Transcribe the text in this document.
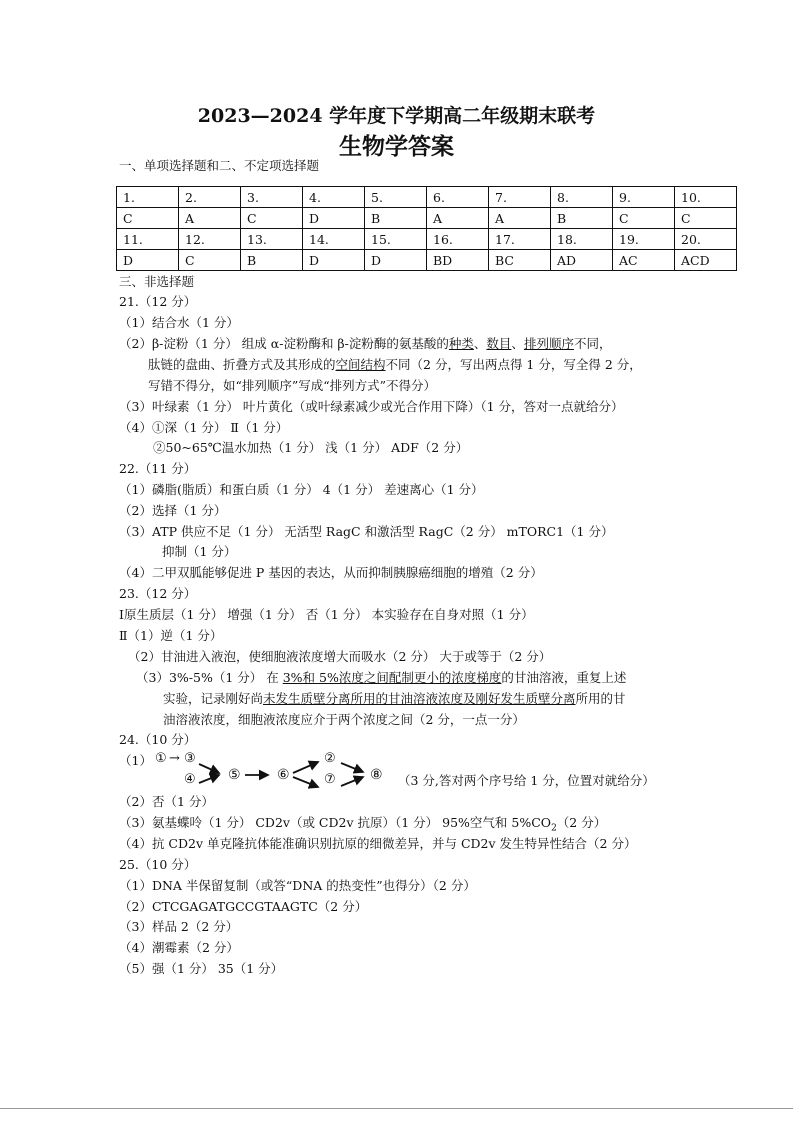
2023—2024 学年度下学期高二年级期末联考
生物学答案
一、单项选择题和二、不定项选择题
1.	2.	3.	4.	5.	6.	7.	8.	9.	10.
C	A	C	D	B	A	A	B	C	C
11.	12.	13.	14.	15.	16.	17.	18.	19.	20.
D	C	B	D	D	BD	BC	AD	AC	ACD
三、非选择题
21.（12 分）
（1）结合水（1 分）
（2）β-淀粉（1 分） 组成 α-淀粉酶和 β-淀粉酶的氨基酸的种类、数目、排列顺序不同，
肽链的盘曲、折叠方式及其形成的空间结构不同（2 分，写出两点得 1 分，写全得 2 分，
写错不得分，如“排列顺序”写成“排列方式”不得分）
（3）叶绿素（1 分） 叶片黄化（或叶绿素减少或光合作用下降）（1 分，答对一点就给分）
（4）①深（1 分） Ⅱ（1 分）
②50~65℃温水加热（1 分） 浅（1 分） ADF（2 分）
22.（11 分）
（1）磷脂(脂质）和蛋白质（1 分） 4（1 分） 差速离心（1 分）
（2）选择（1 分）
（3）ATP 供应不足（1 分） 无活型 RagC 和激活型 RagC（2 分） mTORC1（1 分）
抑制（1 分）
（4）二甲双胍能够促进 P 基因的表达，从而抑制胰腺癌细胞的增殖（2 分）
23.（12 分）
Ⅰ原生质层（1 分） 增强（1 分） 否（1 分） 本实验存在自身对照（1 分）
Ⅱ（1）逆（1 分）
（2）甘油进入液泡，使细胞液浓度增大而吸水（2 分） 大于或等于（2 分）
（3）3%-5%（1 分） 在 3%和 5%浓度之间配制更小的浓度梯度的甘油溶液，重复上述
实验，记录刚好尚未发生质壁分离所用的甘油溶液浓度及刚好发生质壁分离所用的甘
油溶液浓度，细胞液浓度应介于两个浓度之间（2 分，一点一分）
24.（10 分）
（1） ① → ③
④ ⑤	⑥
②
⑦ ⑧ （3 分,答对两个序号给 1 分，位置对就给分）
（2）否（1 分）
（3）氨基蝶呤（1 分） CD2v（或 CD2v 抗原）（1 分） 95%空气和 $5\%CO_2(2$ 分）
（4）抗 CD2v 单克隆抗体能准确识别抗原的细微差异，并与 CD2v 发生特异性结合（2 分）
25.（10 分）
（1）DNA 半保留复制（或答“DNA 的热变性”也得分）（2 分）
（2）CTCGAGATGCCGTAAGTC（2 分）
（3）样品 2（2 分）
（4）潮霉素（2 分）
（5）强（1 分） 35（1 分）
